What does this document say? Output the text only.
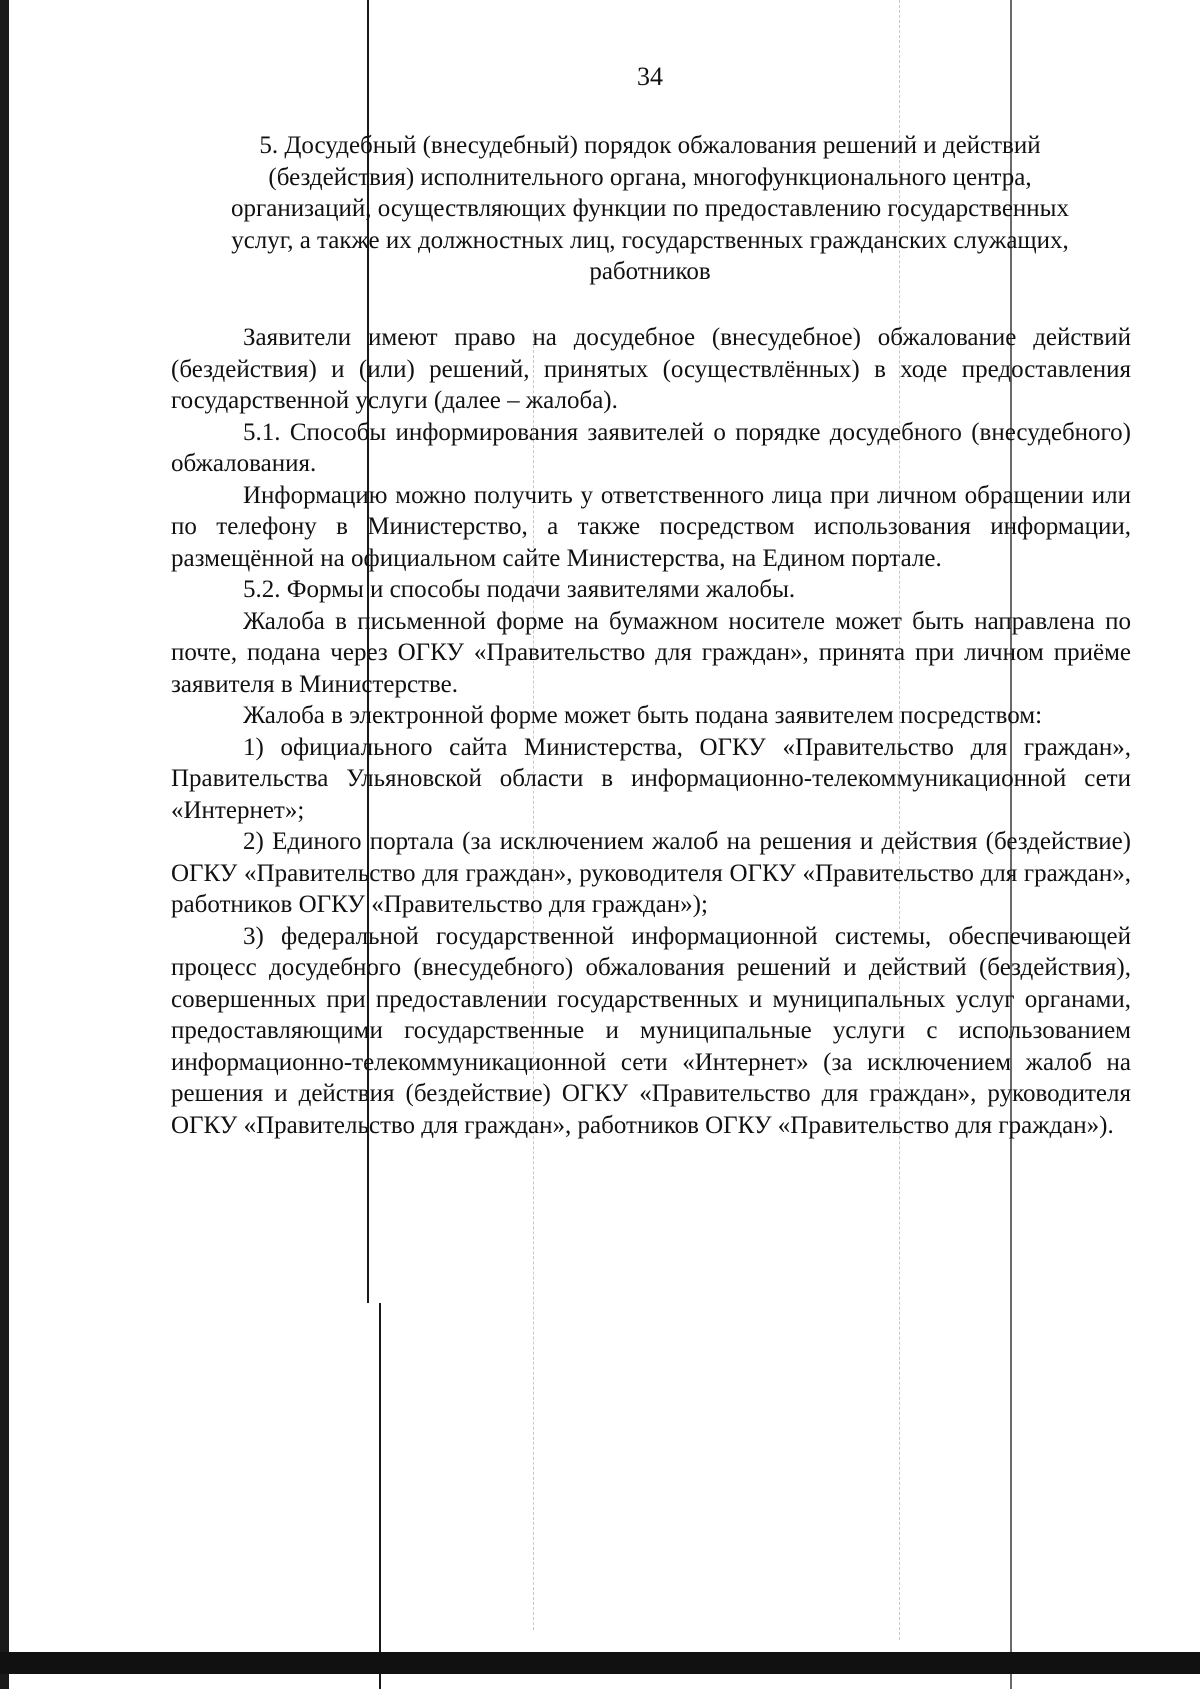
34
5. Досудебный (внесудебный) порядок обжалования решений и действий (бездействия) исполнительного органа, многофункционального центра, организаций, осуществляющих функции по предоставлению государственных услуг, а также их должностных лиц, государственных гражданских служащих, работников

Заявители имеют право на досудебное (внесудебное) обжалование действий (бездействия) и (или) решений, принятых (осуществлённых) в ходе предоставления государственной услуги (далее – жалоба).

5.1. Способы информирования заявителей о порядке досудебного (внесудебного) обжалования.

Информацию можно получить у ответственного лица при личном обращении или по телефону в Министерство, а также посредством использования информации, размещённой на официальном сайте Министерства, на Едином портале.

5.2. Формы и способы подачи заявителями жалобы.

Жалоба в письменной форме на бумажном носителе может быть направлена по почте, подана через ОГКУ «Правительство для граждан», принята при личном приёме заявителя в Министерстве.

Жалоба в электронной форме может быть подана заявителем посредством:

1) официального сайта Министерства, ОГКУ «Правительство для граждан», Правительства Ульяновской области в информационно-телекоммуникационной сети «Интернет»;

2) Единого портала (за исключением жалоб на решения и действия (бездействие) ОГКУ «Правительство для граждан», руководителя ОГКУ «Правительство для граждан», работников ОГКУ «Правительство для граждан»);

3) федеральной государственной информационной системы, обеспечивающей процесс досудебного (внесудебного) обжалования решений и действий (бездействия), совершенных при предоставлении государственных и муниципальных услуг органами, предоставляющими государственные и муниципальные услуги с использованием информационно-телекоммуникационной сети «Интернет» (за исключением жалоб на решения и действия (бездействие) ОГКУ «Правительство для граждан», руководителя ОГКУ «Правительство для граждан», работников ОГКУ «Правительство для граждан»).
